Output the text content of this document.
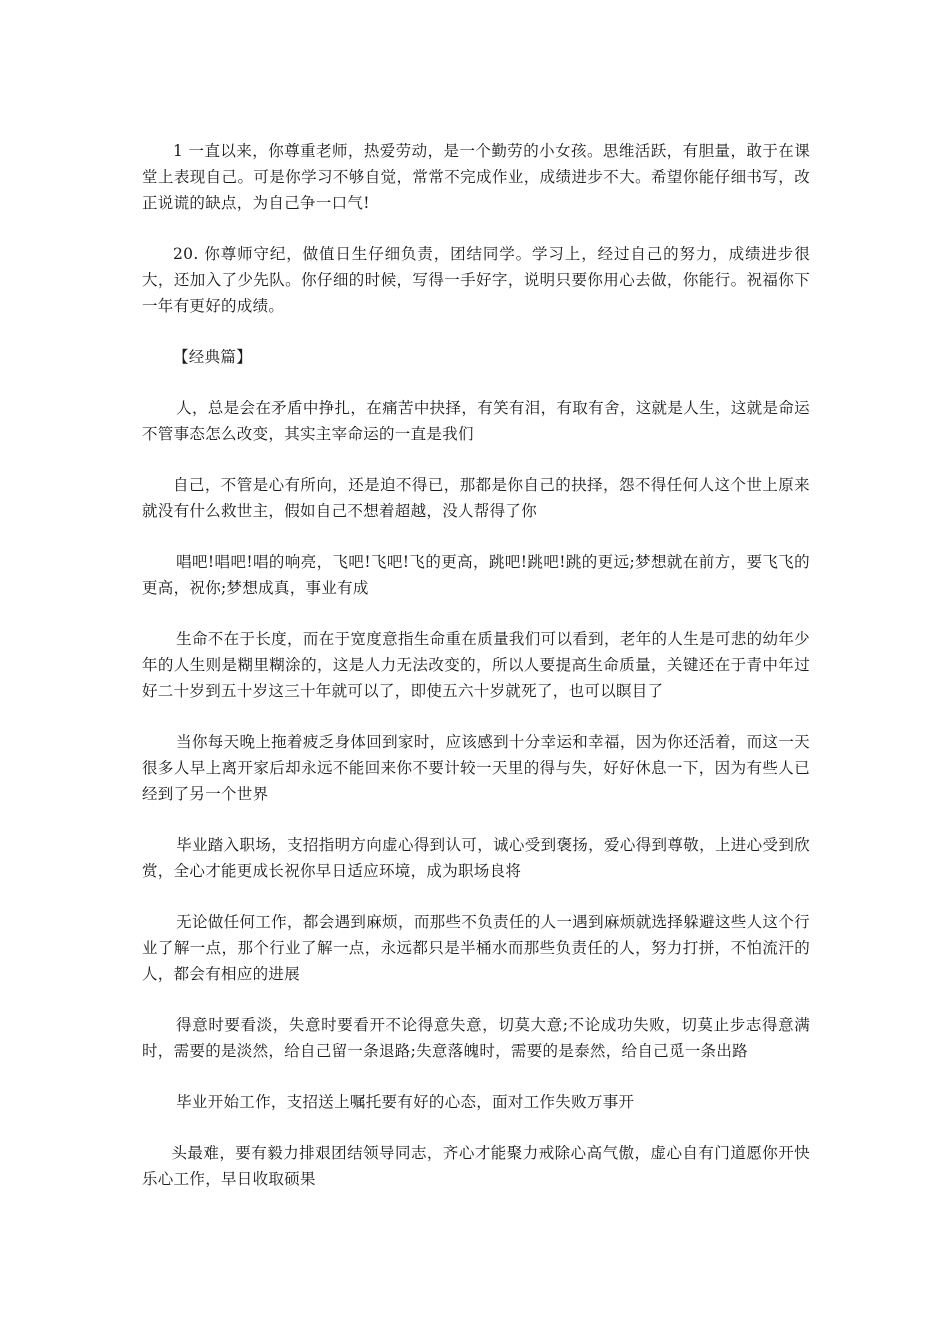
1 一直以来，你尊重老师，热爱劳动，是一个勤劳的小女孩。思维活跃，有胆量，敢于在课堂上表现自己。可是你学习不够自觉，常常不完成作业，成绩进步不大。希望你能仔细书写，改正说谎的缺点，为自己争一口气!

20. 你尊师守纪，做值日生仔细负责，团结同学。学习上，经过自己的努力，成绩进步很大，还加入了少先队。你仔细的时候，写得一手好字，说明只要你用心去做，你能行。祝福你下一年有更好的成绩。

【经典篇】

人，总是会在矛盾中挣扎，在痛苦中抉择，有笑有泪，有取有舍，这就是人生，这就是命运不管事态怎么改变，其实主宰命运的一直是我们

自己，不管是心有所向，还是迫不得已，那都是你自己的抉择，怨不得任何人这个世上原来就没有什么救世主，假如自己不想着超越，没人帮得了你

唱吧!唱吧!唱的响亮，飞吧!飞吧!飞的更高，跳吧!跳吧!跳的更远;梦想就在前方，要飞飞的更高，祝你;梦想成真，事业有成

生命不在于长度，而在于宽度意指生命重在质量我们可以看到，老年的人生是可悲的幼年少年的人生则是糊里糊涂的，这是人力无法改变的，所以人要提高生命质量，关键还在于青中年过好二十岁到五十岁这三十年就可以了，即使五六十岁就死了，也可以瞑目了

当你每天晚上拖着疲乏身体回到家时，应该感到十分幸运和幸福，因为你还活着，而这一天很多人早上离开家后却永远不能回来你不要计较一天里的得与失，好好休息一下，因为有些人已经到了另一个世界

毕业踏入职场，支招指明方向虚心得到认可，诚心受到褒扬，爱心得到尊敬，上进心受到欣赏，全心才能更成长祝你早日适应环境，成为职场良将

无论做任何工作，都会遇到麻烦，而那些不负责任的人一遇到麻烦就选择躲避这些人这个行业了解一点，那个行业了解一点，永远都只是半桶水而那些负责任的人，努力打拼，不怕流汗的人，都会有相应的进展

得意时要看淡，失意时要看开不论得意失意，切莫大意;不论成功失败，切莫止步志得意满时，需要的是淡然，给自己留一条退路;失意落魄时，需要的是泰然，给自己觅一条出路

毕业开始工作，支招送上嘱托要有好的心态，面对工作失败万事开

头最难，要有毅力排艰团结领导同志，齐心才能聚力戒除心高气傲，虚心自有门道愿你开快乐心工作，早日收取硕果
